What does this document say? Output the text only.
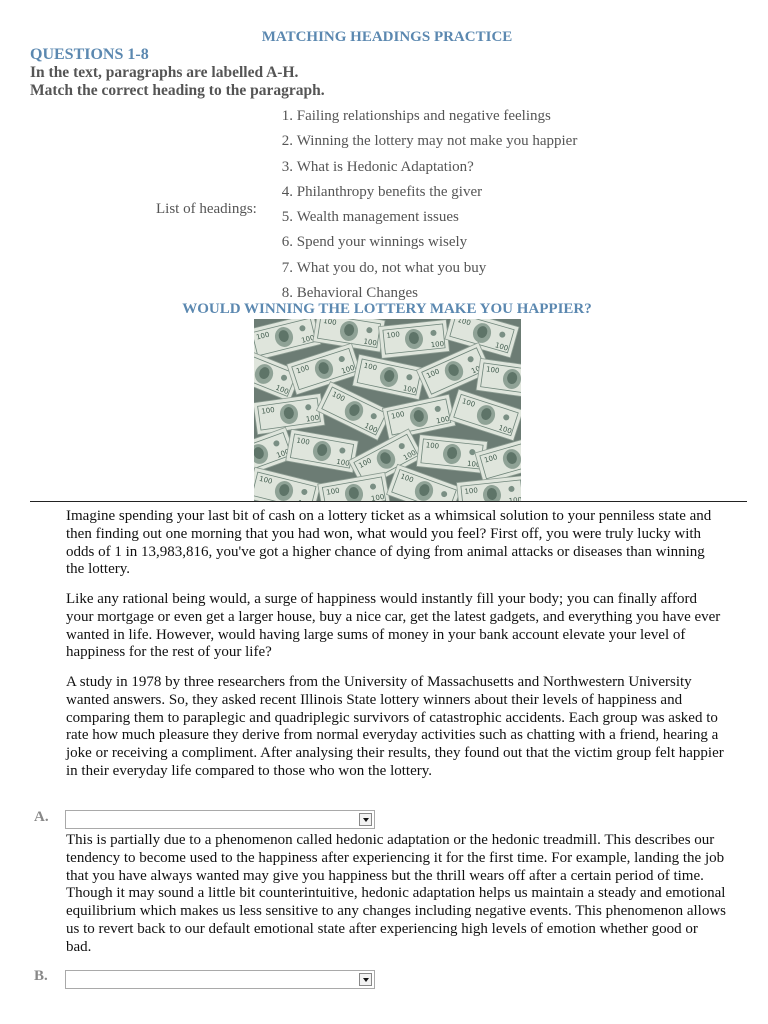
MATCHING HEADINGS PRACTICE
QUESTIONS 1-8
In the text, paragraphs are labelled A-H.
Match the correct heading to the paragraph.
List of headings:
1. Failing relationships and negative feelings
2. Winning the lottery may not make you happier
3. What is Hedonic Adaptation?
4. Philanthropy benefits the giver
5. Wealth management issues
6. Spend your winnings wisely
7. What you do, not what you buy
8. Behavioral Changes
WOULD WINNING THE LOTTERY MAKE YOU HAPPIER?

Imagine spending your last bit of cash on a lottery ticket as a whimsical solution to your penniless state and then finding out one morning that you had won, what would you feel? First off, you were truly lucky with odds of 1 in 13,983,816, you've got a higher chance of dying from animal attacks or diseases than winning the lottery.

Like any rational being would, a surge of happiness would instantly fill your body; you can finally afford your mortgage or even get a larger house, buy a nice car, get the latest gadgets, and everything you have ever wanted in life. However, would having large sums of money in your bank account elevate your level of happiness for the rest of your life?

A study in 1978 by three researchers from the University of Massachusetts and Northwestern University wanted answers. So, they asked recent Illinois State lottery winners about their levels of happiness and comparing them to paraplegic and quadriplegic survivors of catastrophic accidents. Each group was asked to rate how much pleasure they derive from normal everyday activities such as chatting with a friend, hearing a joke or receiving a compliment. After analysing their results, they found out that the victim group felt happier in their everyday life compared to those who won the lottery.

A.

This is partially due to a phenomenon called hedonic adaptation or the hedonic treadmill. This describes our tendency to become used to the happiness after experiencing it for the first time. For example, landing the job that you have always wanted may give you happiness but the thrill wears off after a certain period of time. Though it may sound a little bit counterintuitive, hedonic adaptation helps us maintain a steady and emotional equilibrium which makes us less sensitive to any changes including negative events. This phenomenon allows us to revert back to our default emotional state after experiencing high levels of emotion whether good or bad.

B.
